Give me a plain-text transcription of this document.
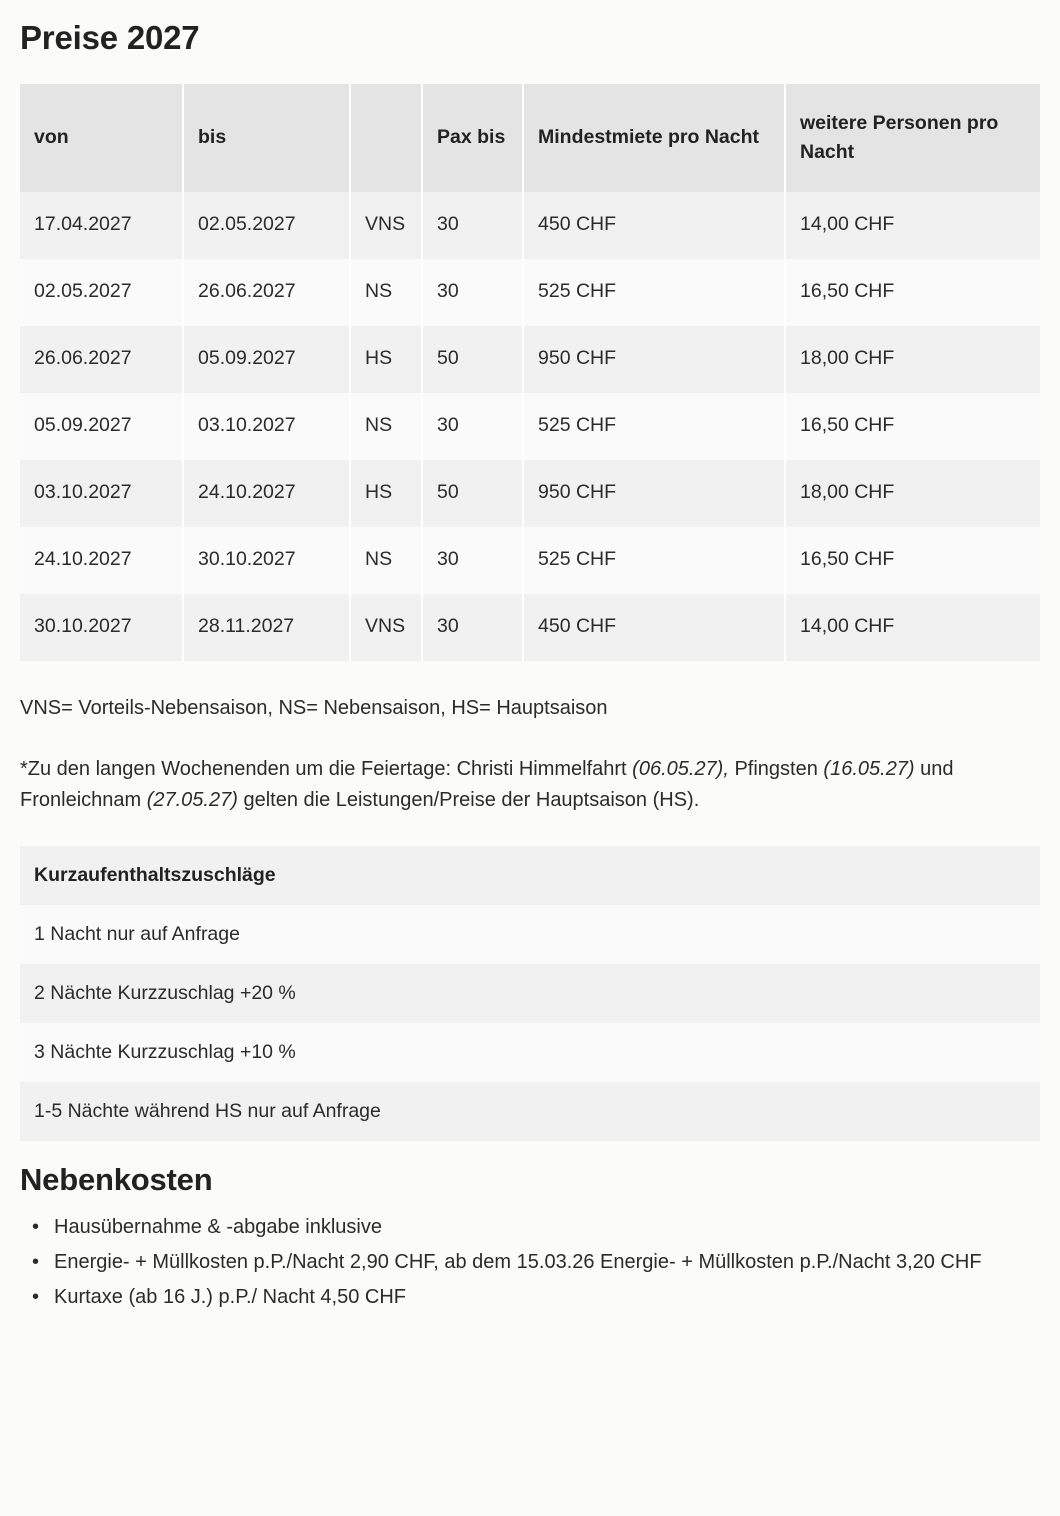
Preise 2027
von	bis		Pax bis	Mindestmiete pro Nacht	weitere Personen pro Nacht
17.04.2027	02.05.2027	VNS	30	450 CHF	14,00 CHF
02.05.2027	26.06.2027	NS	30	525 CHF	16,50 CHF
26.06.2027	05.09.2027	HS	50	950 CHF	18,00 CHF
05.09.2027	03.10.2027	NS	30	525 CHF	16,50 CHF
03.10.2027	24.10.2027	HS	50	950 CHF	18,00 CHF
24.10.2027	30.10.2027	NS	30	525 CHF	16,50 CHF
30.10.2027	28.11.2027	VNS	30	450 CHF	14,00 CHF

VNS= Vorteils-Nebensaison, NS= Nebensaison, HS= Hauptsaison

*Zu den langen Wochenenden um die Feiertage: Christi Himmelfahrt (06.05.27), Pfingsten (16.05.27) und Fronleichnam (27.05.27) gelten die Leistungen/Preise der Hauptsaison (HS).

Kurzaufenthaltszuschläge
1 Nacht nur auf Anfrage
2 Nächte Kurzzuschlag +20 %
3 Nächte Kurzzuschlag +10 %
1-5 Nächte während HS nur auf Anfrage
Nebenkosten
• Hausübernahme & -abgabe inklusive
• Energie- + Müllkosten p.P./Nacht 2,90 CHF, ab dem 15.03.26 Energie- + Müllkosten p.P./Nacht 3,20 CHF
• Kurtaxe (ab 16 J.) p.P./ Nacht 4,50 CHF
